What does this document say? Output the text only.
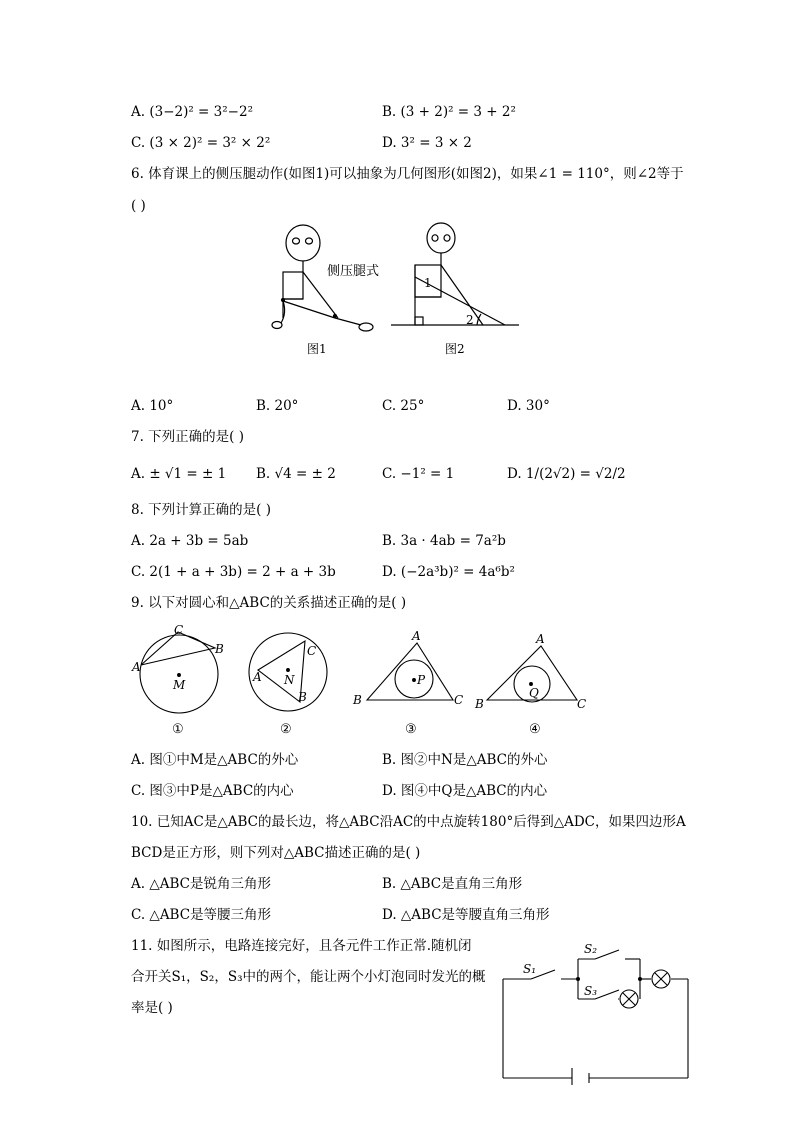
A. (3−2)² = 3²−2²	B. (3 + 2)² = 3 + 2²
C. (3 × 2)² = 3² × 2²	D. 3² = 3 × 2
6. 体育课上的侧压腿动作(如图1)可以抽象为几何图形(如图2)，如果∠1 = 110°，则∠2等于
( )
侧压腿式
图1
1
2
图2
A. 10°	B. 20°	C. 25°	D. 30°
7. 下列正确的是( )
A. ± √1 = ± 1 B. √4 = ± 2	C. −1² = 1	D. 1/(2√2) = √2/2
8. 下列计算正确的是( )
A. 2a + 3b = 5ab	B. 3a · 4ab = 7a²b
C. 2(1 + a + 3b) = 2 + a + 3b	D. (−2a³b)² = 4a⁶b²
9. 以下对圆心和△ABC的关系描述正确的是( )
A
C
B
M
A
C
B
N
A
B	C
P
A
B	C
Q
①	②	③	④
A. 图①中M是△ABC的外心	B. 图②中N是△ABC的外心
C. 图③中P是△ABC的内心	D. 图④中Q是△ABC的内心
10. 已知AC是△ABC的最长边，将△ABC沿AC的中点旋转180°后得到△ADC，如果四边形A
BCD是正方形，则下列对△ABC描述正确的是( )
A. △ABC是锐角三角形	B. △ABC是直角三角形
C. △ABC是等腰三角形	D. △ABC是等腰直角三角形
11. 如图所示，电路连接完好，且各元件工作正常.随机闭
合开关S₁，S₂，S₃中的两个，能让两个小灯泡同时发光的概
率是( )
S₁
S₂
S₃
